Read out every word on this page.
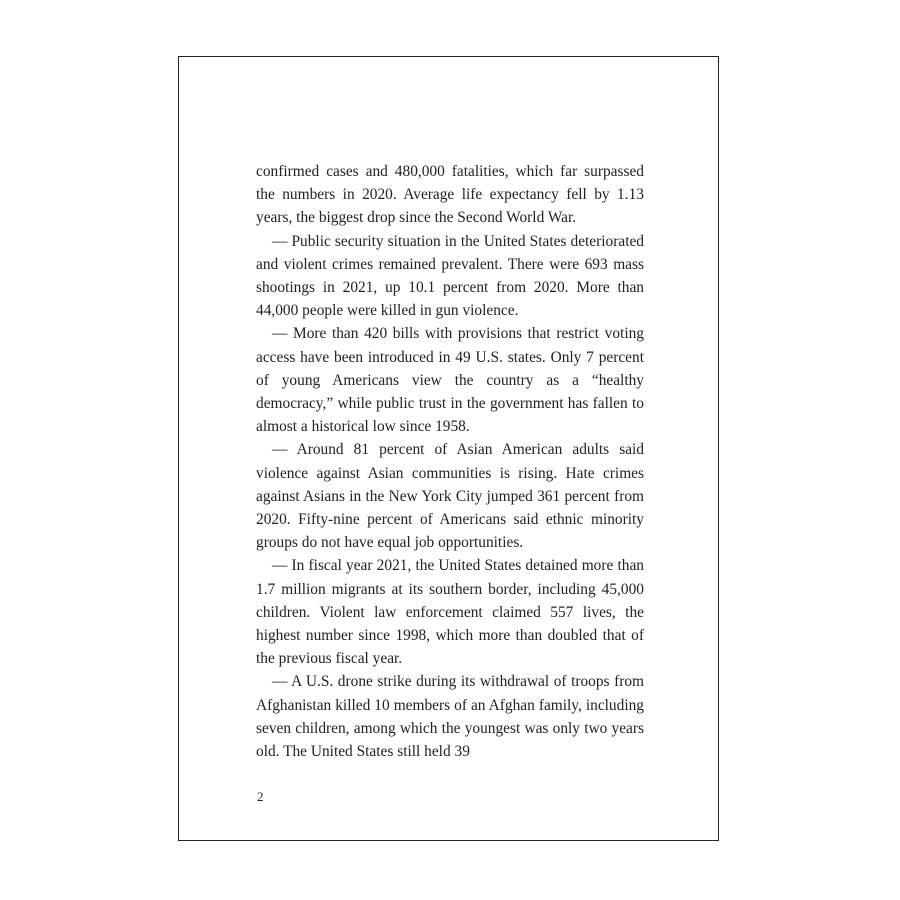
confirmed cases and 480,000 fatalities, which far surpassed the numbers in 2020. Average life expectancy fell by 1.13 years, the biggest drop since the Second World War.

— Public security situation in the United States deteriorated and violent crimes remained prevalent. There were 693 mass shootings in 2021, up 10.1 percent from 2020. More than 44,000 people were killed in gun violence.

— More than 420 bills with provisions that restrict voting access have been introduced in 49 U.S. states. Only 7 percent of young Americans view the country as a “healthy democracy,” while public trust in the government has fallen to almost a historical low since 1958.

— Around 81 percent of Asian American adults said violence against Asian communities is rising. Hate crimes against Asians in the New York City jumped 361 percent from 2020. Fifty-nine percent of Americans said ethnic minority groups do not have equal job opportunities.

— In fiscal year 2021, the United States detained more than 1.7 million migrants at its southern border, including 45,000 children. Violent law enforcement claimed 557 lives, the highest number since 1998, which more than doubled that of the previous fiscal year.

— A U.S. drone strike during its withdrawal of troops from Afghanistan killed 10 members of an Afghan family, including seven children, among which the youngest was only two years old. The United States still held 39

2
